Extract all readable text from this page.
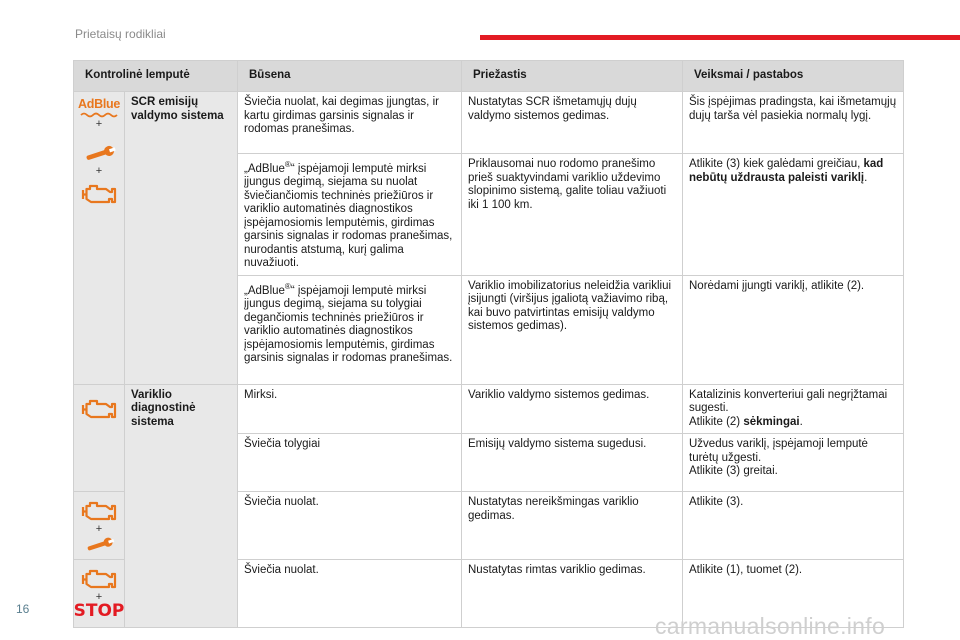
Prietaisų rodikliai
Kontrolinė lemputė		Būsena	Priežastis	Veiksmai / pastabos

AdBlue
+
+	SCR emisijų valdymo sistema	Šviečia nuolat, kai degimas įjungtas, ir kartu girdimas garsinis signalas ir rodomas pranešimas.	Nustatytas SCR išmetamųjų dujų valdymo sistemos gedimas.	Šis įspėjimas pradingsta, kai išmetamųjų dujų tarša vėl pasiekia normalų lygį.

		„AdBlue®“ įspėjamoji lemputė mirksi įjungus degimą, siejama su nuolat šviečiančiomis techninės priežiūros ir variklio automatinės diagnostikos įspėjamosiomis lemputėmis, girdimas garsinis signalas ir rodomas pranešimas, nurodantis atstumą, kurį galima nuvažiuoti.	Priklausomai nuo rodomo pranešimo prieš suaktyvindami variklio uždevimo slopinimo sistemą, galite toliau važiuoti iki 1 100 km.	Atlikite (3) kiek galėdami greičiau, kad nebūtų uždrausta paleisti variklį.

		„AdBlue®“ įspėjamoji lemputė mirksi įjungus degimą, siejama su tolygiai degančiomis techninės priežiūros ir variklio automatinės diagnostikos įspėjamosiomis lemputėmis, girdimas garsinis signalas ir rodomas pranešimas.	Variklio imobilizatorius neleidžia varikliui įsijungti (viršijus įgaliotą važiavimo ribą, kai buvo patvirtintas emisijų valdymo sistemos gedimas).	Norėdami įjungti variklį, atlikite (2).

	Variklio diagnostinė sistema	Mirksi.	Variklio valdymo sistemos gedimas.	Katalizinis konverteriui gali negrįžtamai sugesti.
Atlikite (2) sėkmingai.

		Šviečia tolygiai	Emisijų valdymo sistema sugedusi.	Užvedus variklį, įspėjamoji lemputė turėtų užgesti.
Atlikite (3) greitai.

+		Šviečia nuolat.	Nustatytas nereikšmingas variklio gedimas.	Atlikite (3).

+
STOP		Šviečia nuolat.	Nustatytas rimtas variklio gedimas.	Atlikite (1), tuomet (2).
16
carmanualsonline.info
